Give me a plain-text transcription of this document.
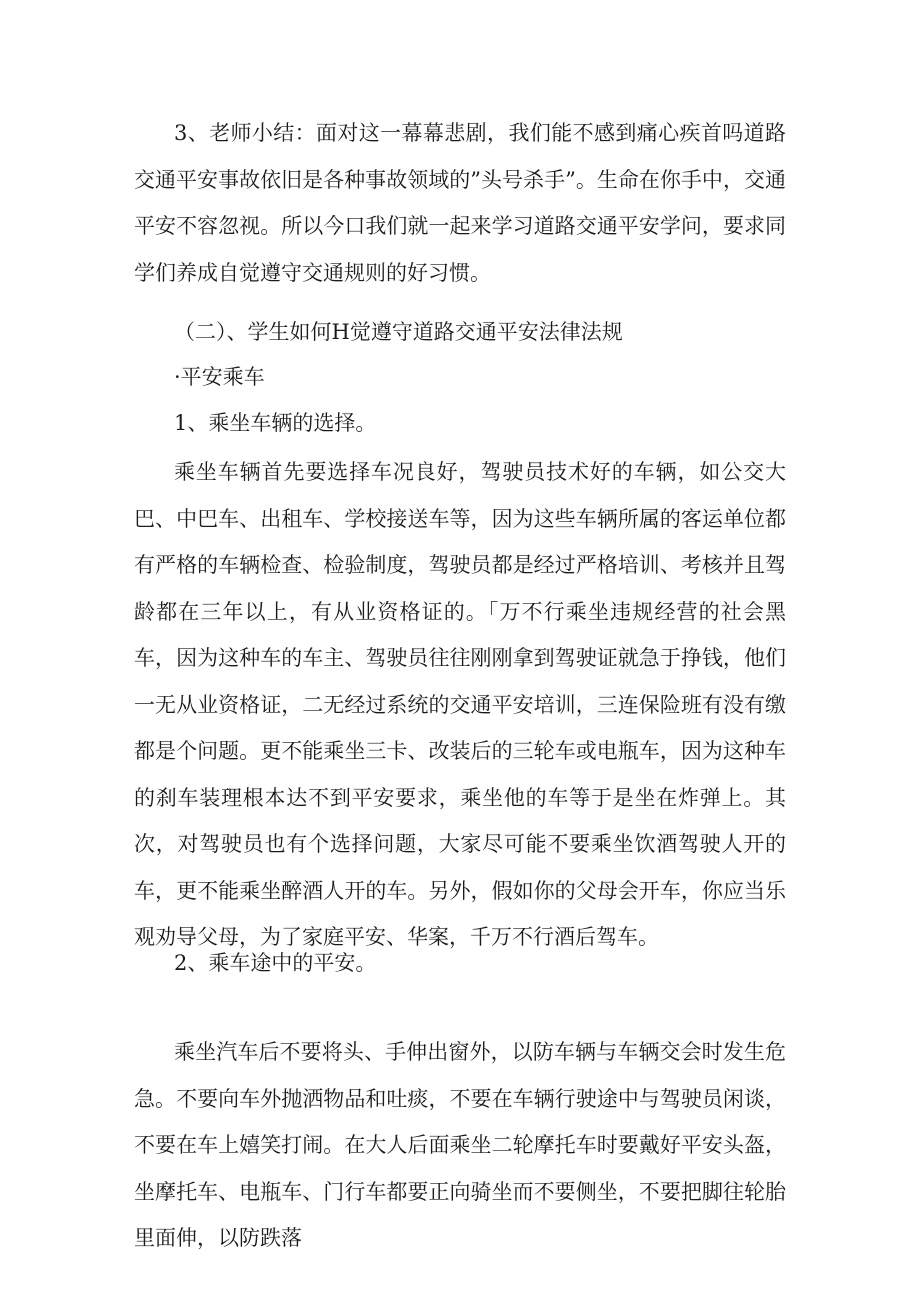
3、老师小结：面对这一幕幕悲剧，我们能不感到痛心疾首吗道路交通平安事故依旧是各种事故领域的”头号杀手”。生命在你手中，交通平安不容忽视。所以今口我们就一起来学习道路交通平安学问，要求同学们养成自觉遵守交通规则的好习惯。

（二）、学生如何H觉遵守道路交通平安法律法规

·平安乘车

1、乘坐车辆的选择。

乘坐车辆首先要选择车况良好，驾驶员技术好的车辆，如公交大巴、中巴车、出租车、学校接送车等，因为这些车辆所属的客运单位都有严格的车辆检查、检验制度，驾驶员都是经过严格培训、考核并且驾龄都在三年以上，有从业资格证的。「万不行乘坐违规经营的社会黑车，因为这种车的车主、驾驶员往往刚刚拿到驾驶证就急于挣钱，他们一无从业资格证，二无经过系统的交通平安培训，三连保险班有没有缴都是个问题。更不能乘坐三卡、改装后的三轮车或电瓶车，因为这种车的刹车装理根本达不到平安要求，乘坐他的车等于是坐在炸弹上。其次，对驾驶员也有个选择问题，大家尽可能不要乘坐饮酒驾驶人开的车，更不能乘坐醉酒人开的车。另外，假如你的父母会开车，你应当乐观劝导父母，为了家庭平安、华案，千万不行酒后驾车。

2、乘车途中的平安。

乘坐汽车后不要将头、手伸出窗外，以防车辆与车辆交会时发生危急。不要向车外抛洒物品和吐痰，不要在车辆行驶途中与驾驶员闲谈，不要在车上嬉笑打闹。在大人后面乘坐二轮摩托车时要戴好平安头盔，坐摩托车、电瓶车、门行车都要正向骑坐而不要侧坐，不要把脚往轮胎里面伸，以防跌落
